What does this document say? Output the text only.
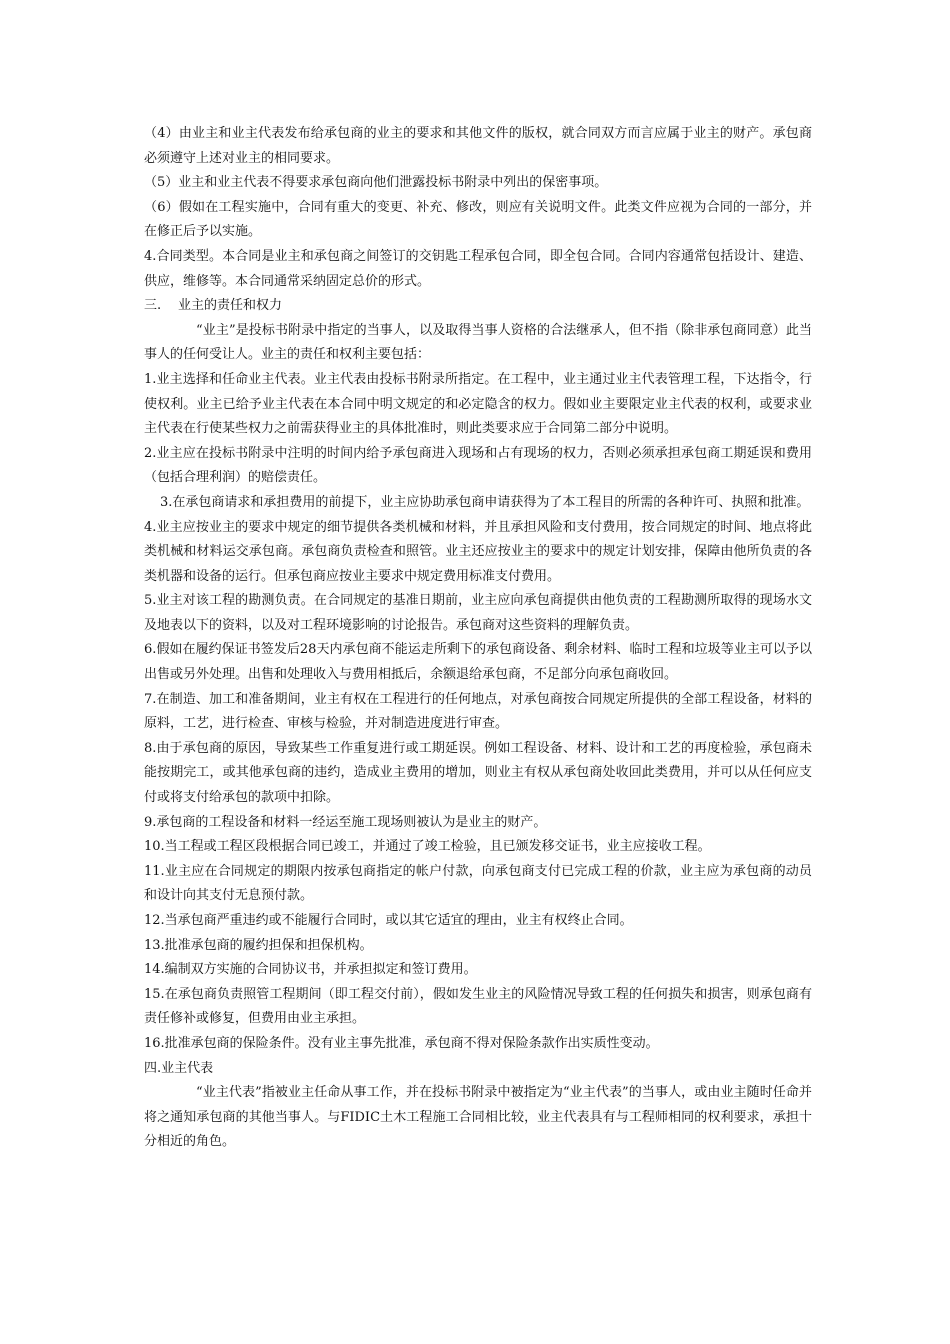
（4）由业主和业主代表发布给承包商的业主的要求和其他文件的版权，就合同双方而言应属于业主的财产。承包商必须遵守上述对业主的相同要求。

（5）业主和业主代表不得要求承包商向他们泄露投标书附录中列出的保密事项。

（6）假如在工程实施中，合同有重大的变更、补充、修改，则应有关说明文件。此类文件应视为合同的一部分，并在修正后予以实施。

4.合同类型。本合同是业主和承包商之间签订的交钥匙工程承包合同，即全包合同。合同内容通常包括设计、建造、供应，维修等。本合同通常采纳固定总价的形式。

三. 业主的责任和权力

“业主”是投标书附录中指定的当事人，以及取得当事人资格的合法继承人，但不指（除非承包商同意）此当事人的任何受让人。业主的责任和权利主要包括：

1.业主选择和任命业主代表。业主代表由投标书附录所指定。在工程中，业主通过业主代表管理工程，下达指令，行使权利。业主已给予业主代表在本合同中明文规定的和必定隐含的权力。假如业主要限定业主代表的权利，或要求业主代表在行使某些权力之前需获得业主的具体批准时，则此类要求应于合同第二部分中说明。

2.业主应在投标书附录中注明的时间内给予承包商进入现场和占有现场的权力，否则必须承担承包商工期延误和费用（包括合理利润）的赔偿责任。

3.在承包商请求和承担费用的前提下，业主应协助承包商申请获得为了本工程目的所需的各种许可、执照和批准。

4.业主应按业主的要求中规定的细节提供各类机械和材料，并且承担风险和支付费用，按合同规定的时间、地点将此类机械和材料运交承包商。承包商负责检查和照管。业主还应按业主的要求中的规定计划安排，保障由他所负责的各类机器和设备的运行。但承包商应按业主要求中规定费用标准支付费用。

5.业主对该工程的勘测负责。在合同规定的基准日期前，业主应向承包商提供由他负责的工程勘测所取得的现场水文及地表以下的资料，以及对工程环境影响的讨论报告。承包商对这些资料的理解负责。

6.假如在履约保证书签发后28天内承包商不能运走所剩下的承包商设备、剩余材料、临时工程和垃圾等业主可以予以出售或另外处理。出售和处理收入与费用相抵后，余额退给承包商，不足部分向承包商收回。

7.在制造、加工和准备期间，业主有权在工程进行的任何地点，对承包商按合同规定所提供的全部工程设备，材料的原料，工艺，进行检查、审核与检验，并对制造进度进行审查。

8.由于承包商的原因，导致某些工作重复进行或工期延误。例如工程设备、材料、设计和工艺的再度检验，承包商未能按期完工，或其他承包商的违约，造成业主费用的增加，则业主有权从承包商处收回此类费用，并可以从任何应支付或将支付给承包的款项中扣除。

9.承包商的工程设备和材料一经运至施工现场则被认为是业主的财产。

10.当工程或工程区段根据合同已竣工，并通过了竣工检验，且已颁发移交证书，业主应接收工程。

11.业主应在合同规定的期限内按承包商指定的帐户付款，向承包商支付已完成工程的价款，业主应为承包商的动员和设计向其支付无息预付款。

12.当承包商严重违约或不能履行合同时，或以其它适宜的理由，业主有权终止合同。

13.批准承包商的履约担保和担保机构。

14.编制双方实施的合同协议书，并承担拟定和签订费用。

15.在承包商负责照管工程期间（即工程交付前），假如发生业主的风险情况导致工程的任何损失和损害，则承包商有责任修补或修复，但费用由业主承担。

16.批准承包商的保险条件。没有业主事先批准，承包商不得对保险条款作出实质性变动。

四.业主代表

“业主代表”指被业主任命从事工作，并在投标书附录中被指定为“业主代表”的当事人，或由业主随时任命并将之通知承包商的其他当事人。与FIDIC土木工程施工合同相比较，业主代表具有与工程师相同的权利要求，承担十分相近的角色。
